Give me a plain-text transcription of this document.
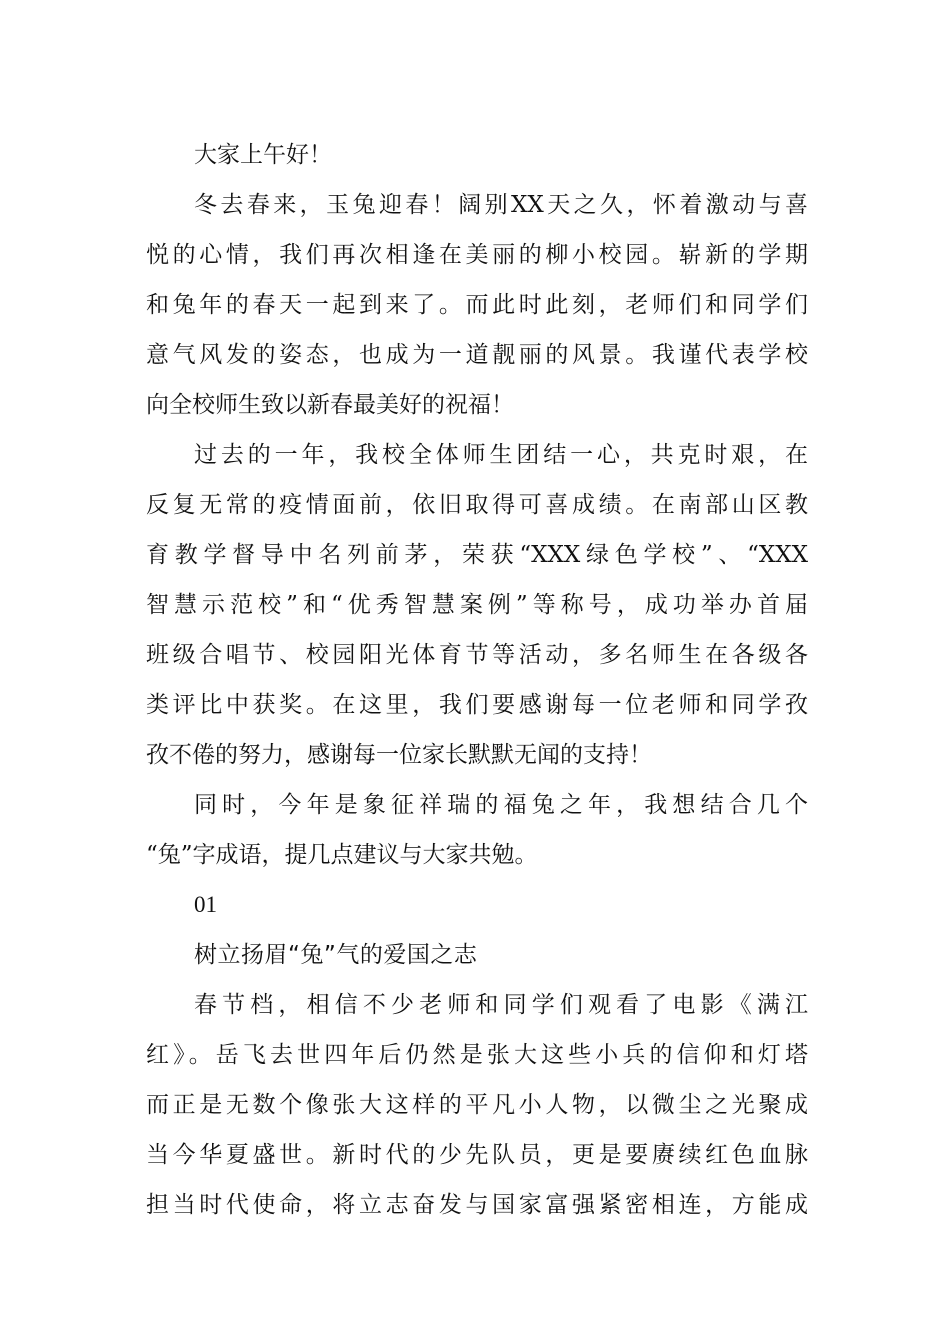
大家上午好！
冬去春来，玉兔迎春！阔别XX天之久，怀着激动与喜
悦的心情，我们再次相逢在美丽的柳小校园。崭新的学期
和兔年的春天一起到来了。而此时此刻，老师们和同学们
意气风发的姿态，也成为一道靓丽的风景。我谨代表学校
向全校师生致以新春最美好的祝福！
过去的一年，我校全体师生团结一心，共克时艰，在
反复无常的疫情面前，依旧取得可喜成绩。在南部山区教
育教学督导中名列前茅，荣获“XXX绿色学校”、“XXX
智慧示范校”和“优秀智慧案例”等称号，成功举办首届
班级合唱节、校园阳光体育节等活动，多名师生在各级各
类评比中获奖。在这里，我们要感谢每一位老师和同学孜
孜不倦的努力，感谢每一位家长默默无闻的支持！
同时，今年是象征祥瑞的福兔之年，我想结合几个
“兔”字成语，提几点建议与大家共勉。
01
树立扬眉“兔”气的爱国之志
春节档，相信不少老师和同学们观看了电影《满江
红》。岳飞去世四年后仍然是张大这些小兵的信仰和灯塔
而正是无数个像张大这样的平凡小人物，以微尘之光聚成
当今华夏盛世。新时代的少先队员，更是要赓续红色血脉
担当时代使命，将立志奋发与国家富强紧密相连，方能成
